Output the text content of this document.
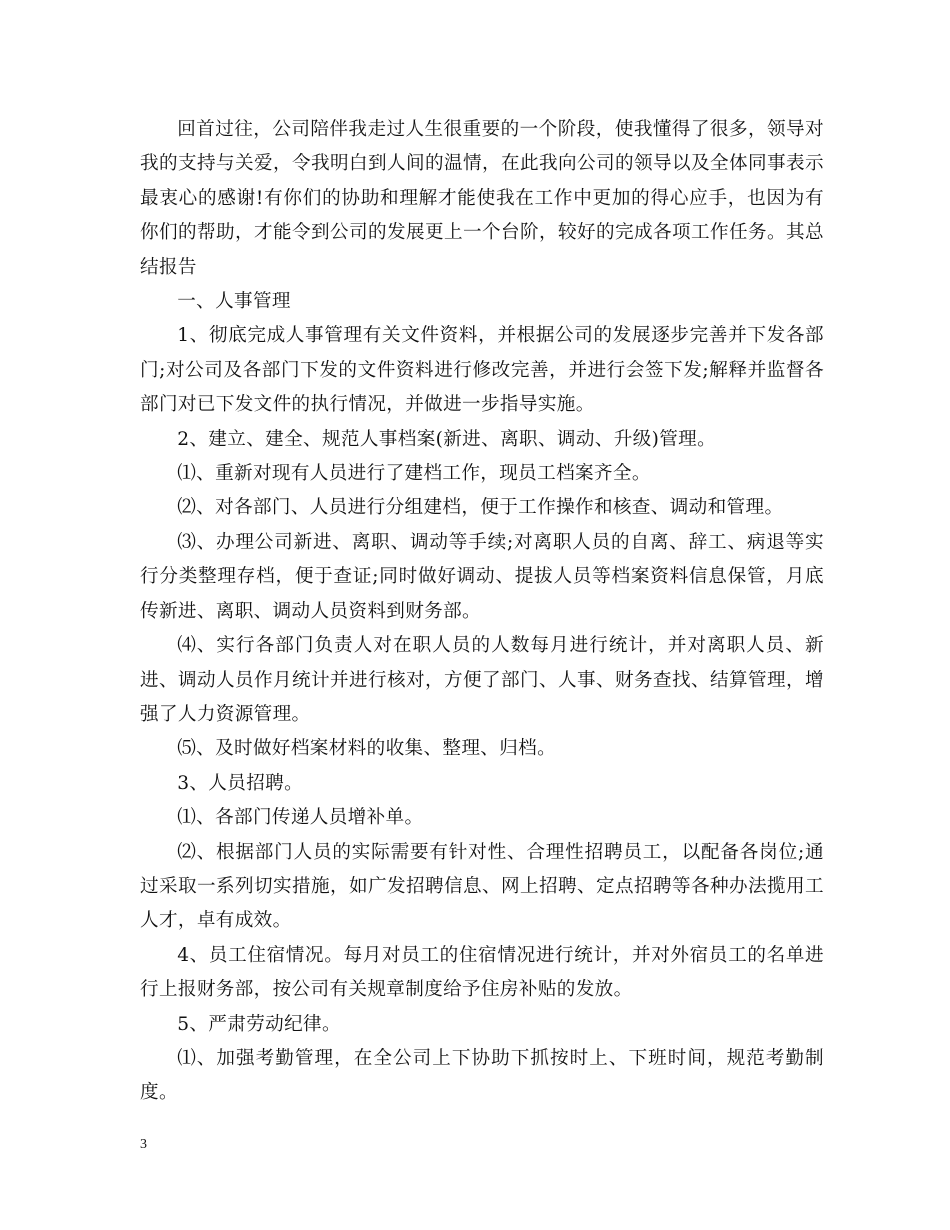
回首过往，公司陪伴我走过人生很重要的一个阶段，使我懂得了很多，领导对我的支持与关爱，令我明白到人间的温情，在此我向公司的领导以及全体同事表示最衷心的感谢!有你们的协助和理解才能使我在工作中更加的得心应手，也因为有你们的帮助，才能令到公司的发展更上一个台阶，较好的完成各项工作任务。其总结报告

一、人事管理

1、彻底完成人事管理有关文件资料，并根据公司的发展逐步完善并下发各部门;对公司及各部门下发的文件资料进行修改完善，并进行会签下发;解释并监督各部门对已下发文件的执行情况，并做进一步指导实施。

2、建立、建全、规范人事档案(新进、离职、调动、升级)管理。

⑴、重新对现有人员进行了建档工作，现员工档案齐全。

⑵、对各部门、人员进行分组建档，便于工作操作和核查、调动和管理。

⑶、办理公司新进、离职、调动等手续;对离职人员的自离、辞工、病退等实行分类整理存档，便于查证;同时做好调动、提拔人员等档案资料信息保管，月底传新进、离职、调动人员资料到财务部。

⑷、实行各部门负责人对在职人员的人数每月进行统计，并对离职人员、新进、调动人员作月统计并进行核对，方便了部门、人事、财务查找、结算管理，增强了人力资源管理。

⑸、及时做好档案材料的收集、整理、归档。

3、人员招聘。

⑴、各部门传递人员增补单。

⑵、根据部门人员的实际需要有针对性、合理性招聘员工，以配备各岗位;通过采取一系列切实措施，如广发招聘信息、网上招聘、定点招聘等各种办法揽用工人才，卓有成效。

4、员工住宿情况。每月对员工的住宿情况进行统计，并对外宿员工的名单进行上报财务部，按公司有关规章制度给予住房补贴的发放。

5、严肃劳动纪律。

⑴、加强考勤管理，在全公司上下协助下抓按时上、下班时间，规范考勤制度。

3
